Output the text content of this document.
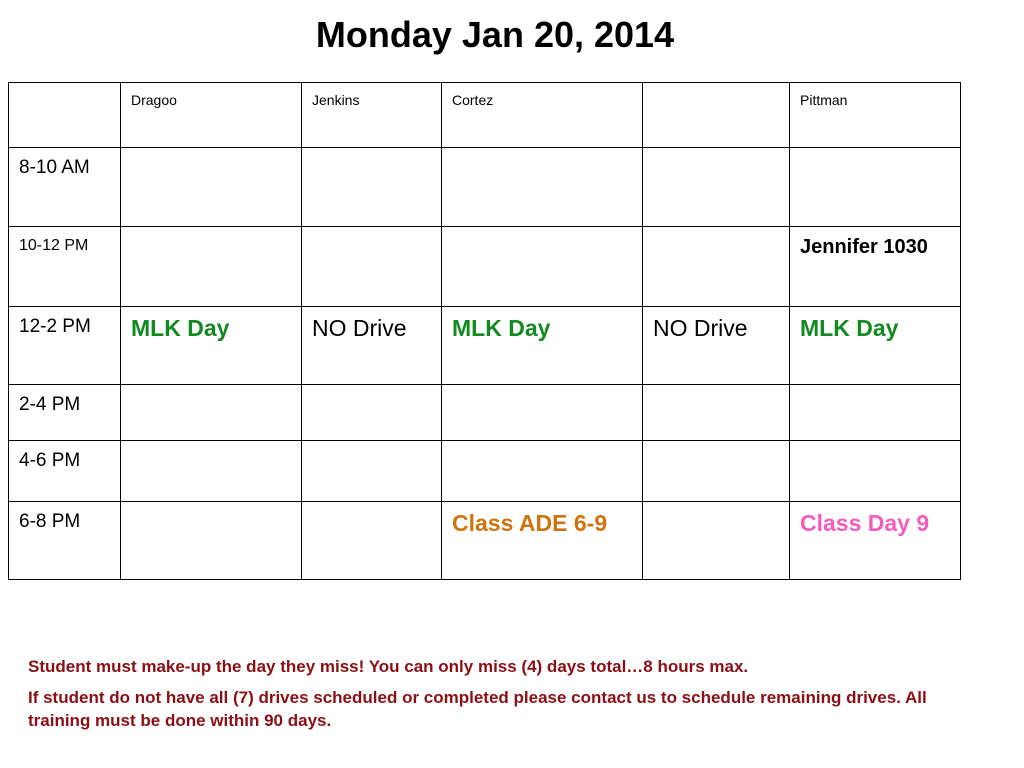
Monday Jan 20, 2014
	Dragoo	Jenkins	Cortez		Pittman

8-10 AM					

10-12 PM					Jennifer 1030

12-2 PM	MLK Day	NO Drive	MLK Day	NO Drive	MLK Day

2-4 PM					

4-6 PM					

6-8 PM			Class ADE 6-9		Class Day 9

Student must make-up the day they miss! You can only miss (4) days total…8 hours max.

If student do not have all (7) drives scheduled or completed please contact us to schedule remaining drives. All training must be done within 90 days.
